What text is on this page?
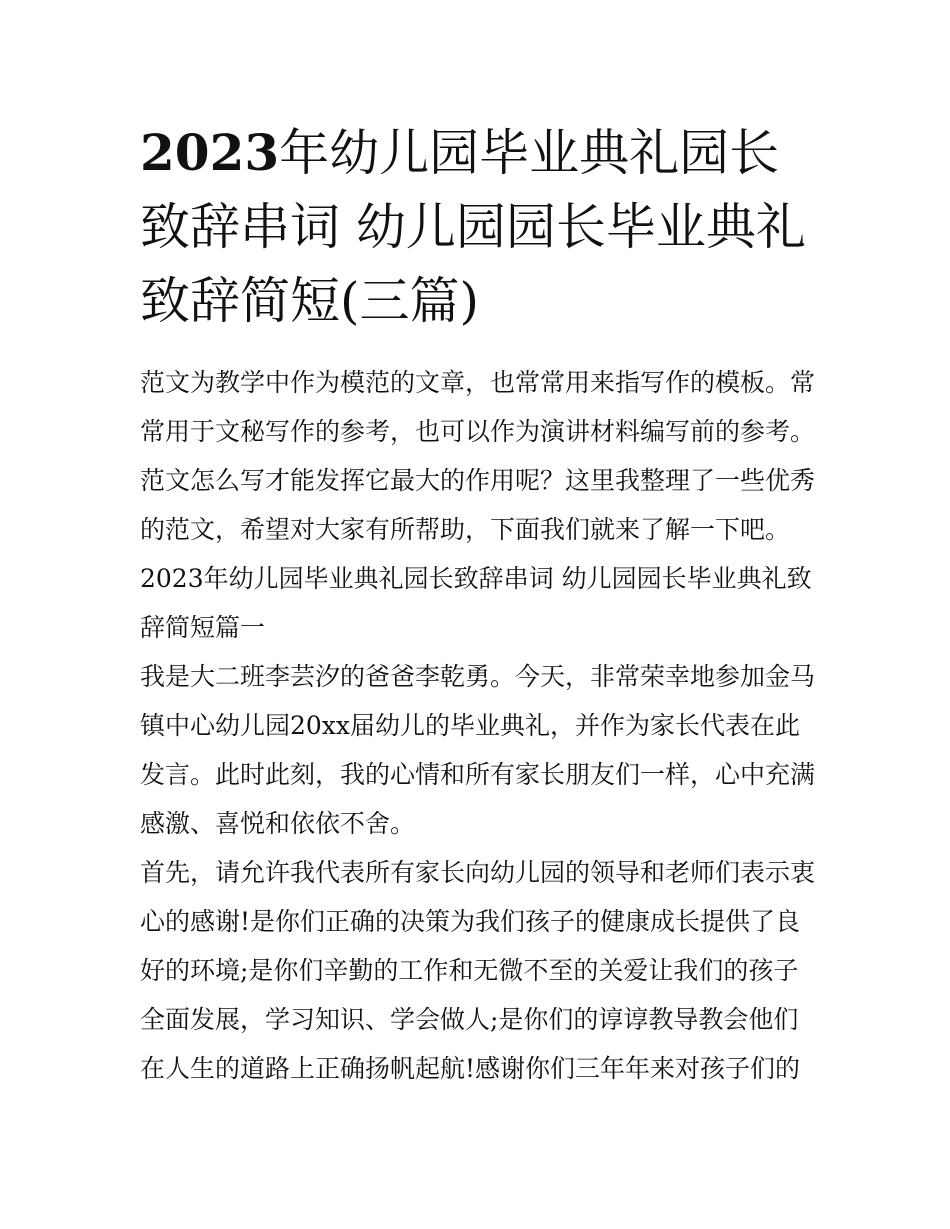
2023年幼儿园毕业典礼园长致辞串词 幼儿园园长毕业典礼致辞简短(三篇)

范文为教学中作为模范的文章，也常常用来指写作的模板。常常用于文秘写作的参考，也可以作为演讲材料编写前的参考。范文怎么写才能发挥它最大的作用呢？这里我整理了一些优秀的范文，希望对大家有所帮助，下面我们就来了解一下吧。

2023年幼儿园毕业典礼园长致辞串词 幼儿园园长毕业典礼致辞简短篇一

我是大二班李芸汐的爸爸李乾勇。今天，非常荣幸地参加金马镇中心幼儿园20xx届幼儿的毕业典礼，并作为家长代表在此发言。此时此刻，我的心情和所有家长朋友们一样，心中充满感激、喜悦和依依不舍。

首先，请允许我代表所有家长向幼儿园的领导和老师们表示衷心的感谢!是你们正确的决策为我们孩子的健康成长提供了良好的环境;是你们辛勤的工作和无微不至的关爱让我们的孩子全面发展，学习知识、学会做人;是你们的谆谆教导教会他们在人生的道路上正确扬帆起航!感谢你们三年年来对孩子们的
